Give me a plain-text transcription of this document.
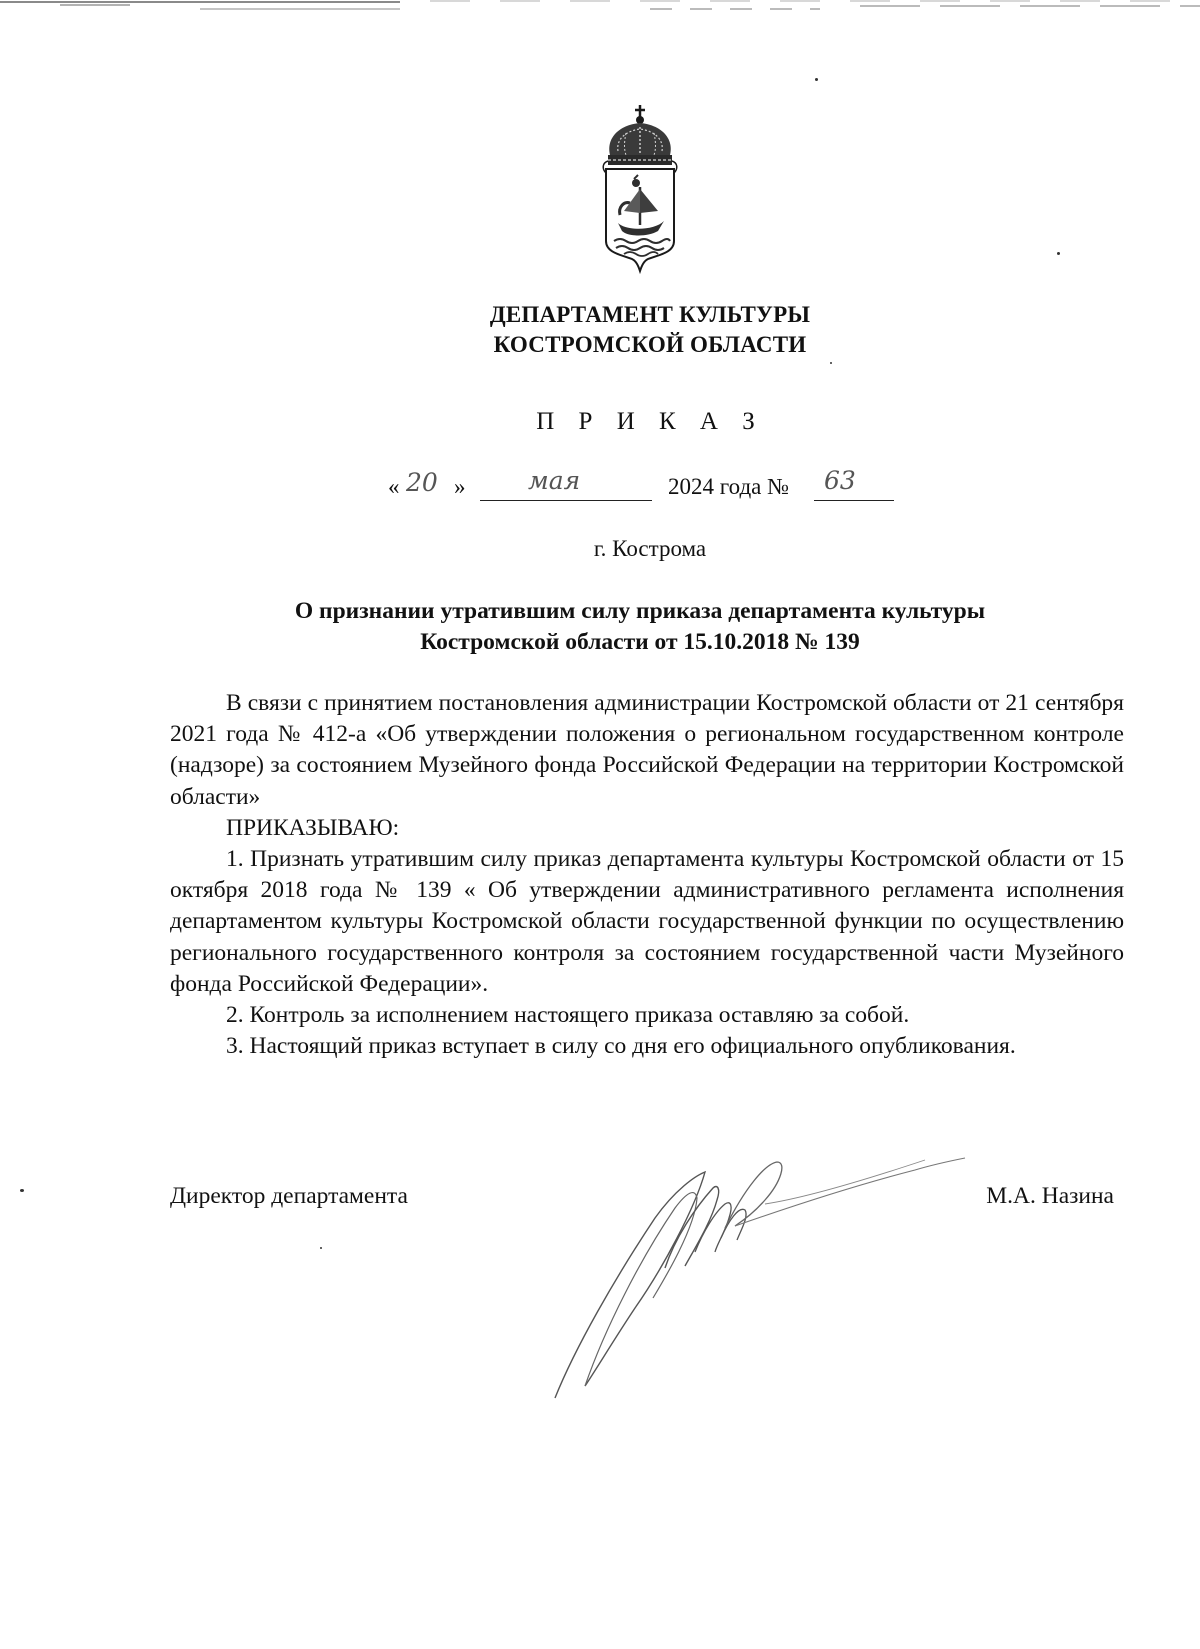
ДЕПАРТАМЕНТ КУЛЬТУРЫ
КОСТРОМСКОЙ ОБЛАСТИ
П Р И К А З
« 20 »	мая	2024 года № 63
г. Кострома
О признании утратившим силу приказа департамента культуры
Костромской области от 15.10.2018 № 139

В связи с принятием постановления администрации Костромской области от 21 сентября 2021 года № 412-а «Об утверждении положения о региональном государственном контроле (надзоре) за состоянием Музейного фонда Российской Федерации на территории Костромской области»

ПРИКАЗЫВАЮ:

1. Признать утратившим силу приказ департамента культуры Костромской области от 15 октября 2018 года № 139 « Об утверждении административного регламента исполнения департаментом культуры Костромской области государственной функции по осуществлению регионального государственного контроля за состоянием государственной части Музейного фонда Российской Федерации».

2. Контроль за исполнением настоящего приказа оставляю за собой.

3. Настоящий приказ вступает в силу со дня его официального опубликования.

Директор департамента	М.А. Назина
